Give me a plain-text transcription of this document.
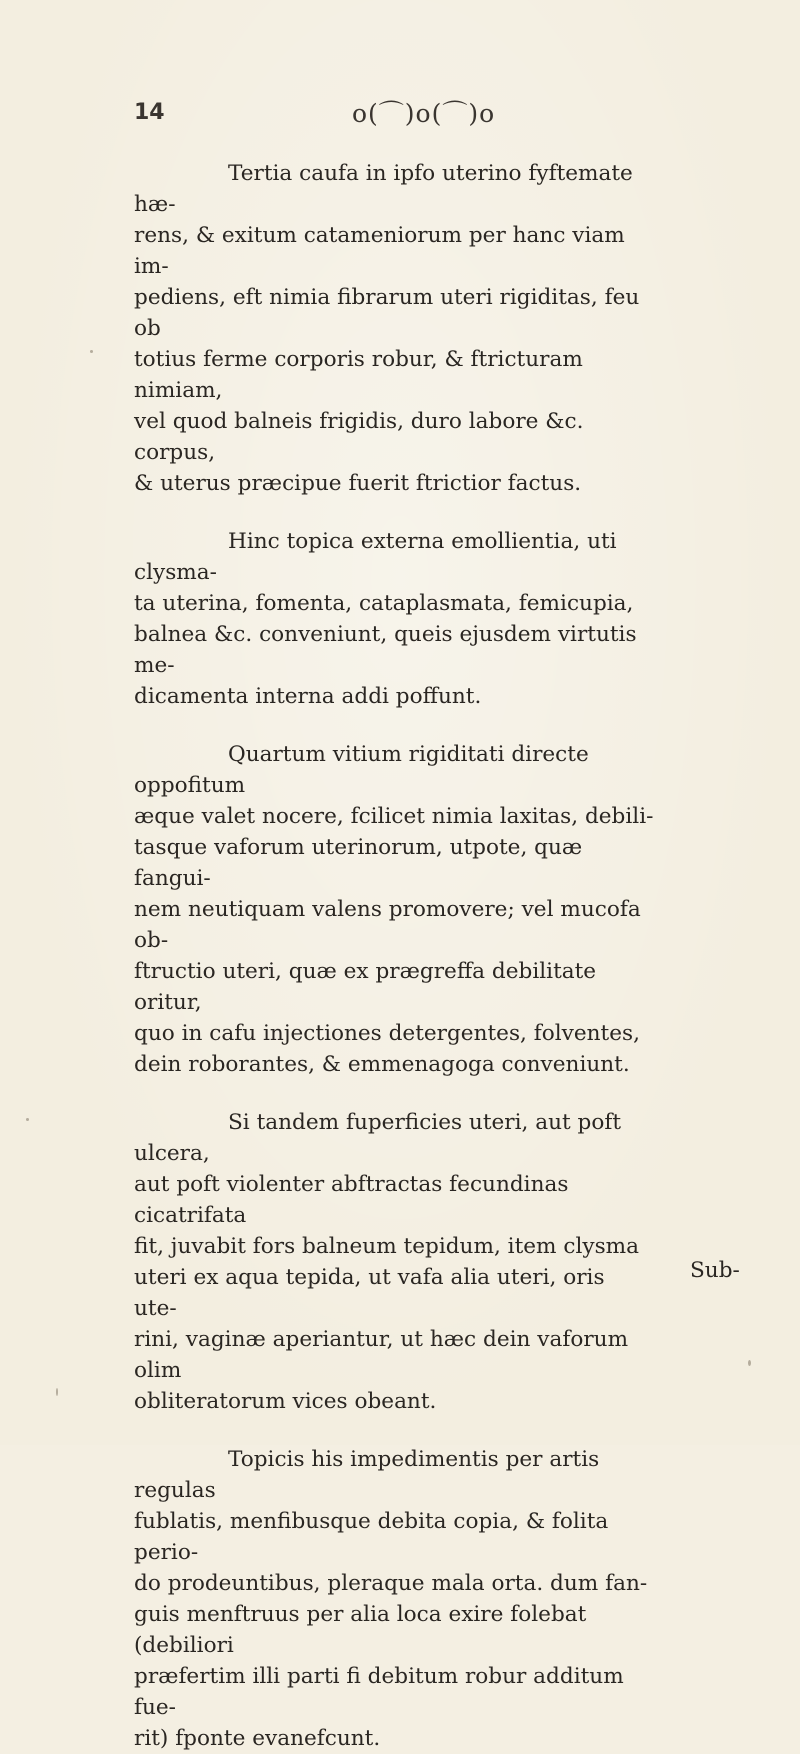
14	o(⌒)o(⌒)o

Tertia caufa in ipfo uterino fyftemate hæ-
rens, & exitum catameniorum per hanc viam im-
pediens, eft nimia fibrarum uteri rigiditas, feu ob
totius ferme corporis robur, & ftricturam nimiam,
vel quod balneis frigidis, duro labore &c. corpus,
& uterus præcipue fuerit ftrictior factus.

Hinc topica externa emollientia, uti clysma-
ta uterina, fomenta, cataplasmata, femicupia,
balnea &c. conveniunt, queis ejusdem virtutis me-
dicamenta interna addi poffunt.

Quartum vitium rigiditati directe oppofitum
æque valet nocere, fcilicet nimia laxitas, debili-
tasque vaforum uterinorum, utpote, quæ fangui-
nem neutiquam valens promovere; vel mucofa ob-
ftructio uteri, quæ ex prægreffa debilitate oritur,
quo in cafu injectiones detergentes, folventes,
dein roborantes, & emmenagoga conveniunt.

Si tandem fuperficies uteri, aut poft ulcera,
aut poft violenter abftractas fecundinas cicatrifata
fit, juvabit fors balneum tepidum, item clysma
uteri ex aqua tepida, ut vafa alia uteri, oris ute-
rini, vaginæ aperiantur, ut hæc dein vaforum olim
obliteratorum vices obeant.

Topicis his impedimentis per artis regulas
fublatis, menfibusque debita copia, & folita perio-
do prodeuntibus, pleraque mala orta. dum fan-
guis menftruus per alia loca exire folebat (debiliori
præfertim illi parti fi debitum robur additum fue-
rit) fponte evanefcunt.

Sub-
